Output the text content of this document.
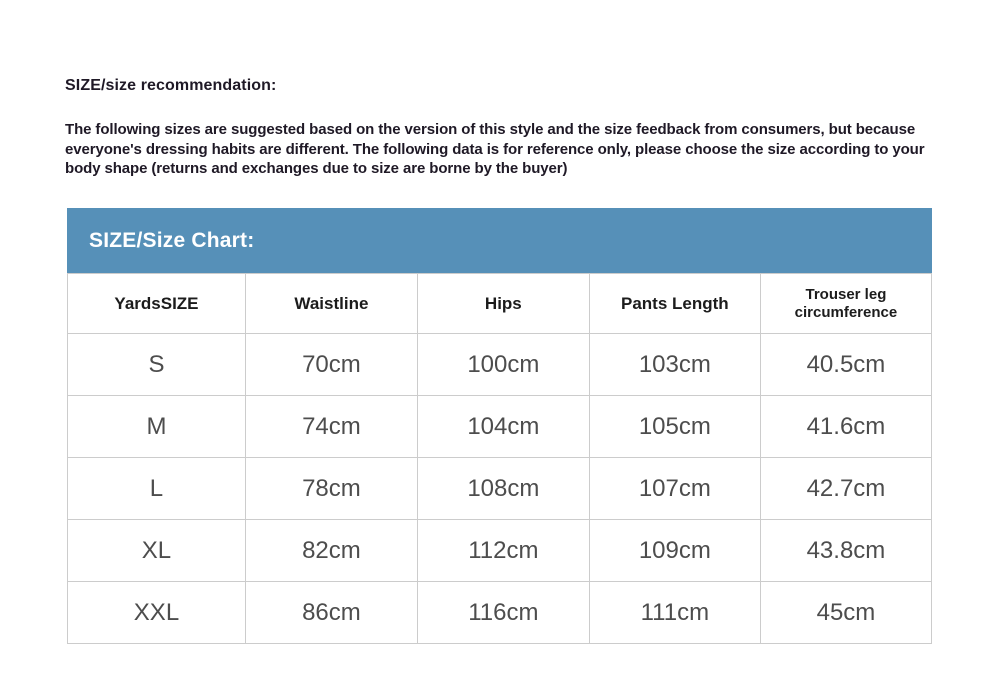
SIZE/size recommendation:
The following sizes are suggested based on the version of this style and the size feedback from consumers, but because everyone's dressing habits are different. The following data is for reference only, please choose the size according to your body shape (returns and exchanges due to size are borne by the buyer)
SIZE/Size Chart:
YardsSIZE	Waistline	Hips	Pants Length	Trouser leg circumference
S	70cm	100cm	103cm	40.5cm
M	74cm	104cm	105cm	41.6cm
L	78cm	108cm	107cm	42.7cm
XL	82cm	112cm	109cm	43.8cm
XXL	86cm	116cm	111cm	45cm
